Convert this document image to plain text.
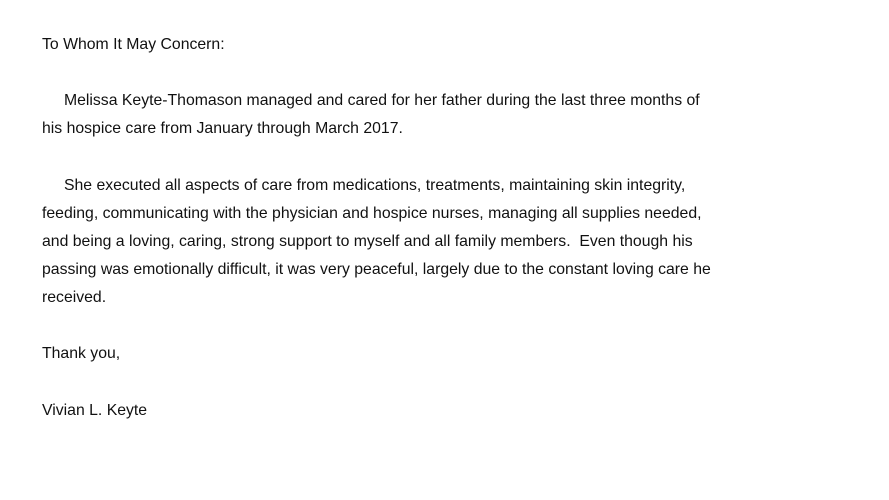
To Whom It May Concern:

Melissa Keyte-Thomason managed and cared for her father during the last three months of

his hospice care from January through March 2017.

She executed all aspects of care from medications, treatments, maintaining skin integrity,

feeding, communicating with the physician and hospice nurses, managing all supplies needed,

and being a loving, caring, strong support to myself and all family members.  Even though his

passing was emotionally difficult, it was very peaceful, largely due to the constant loving care he

received.

Thank you,

Vivian L. Keyte
